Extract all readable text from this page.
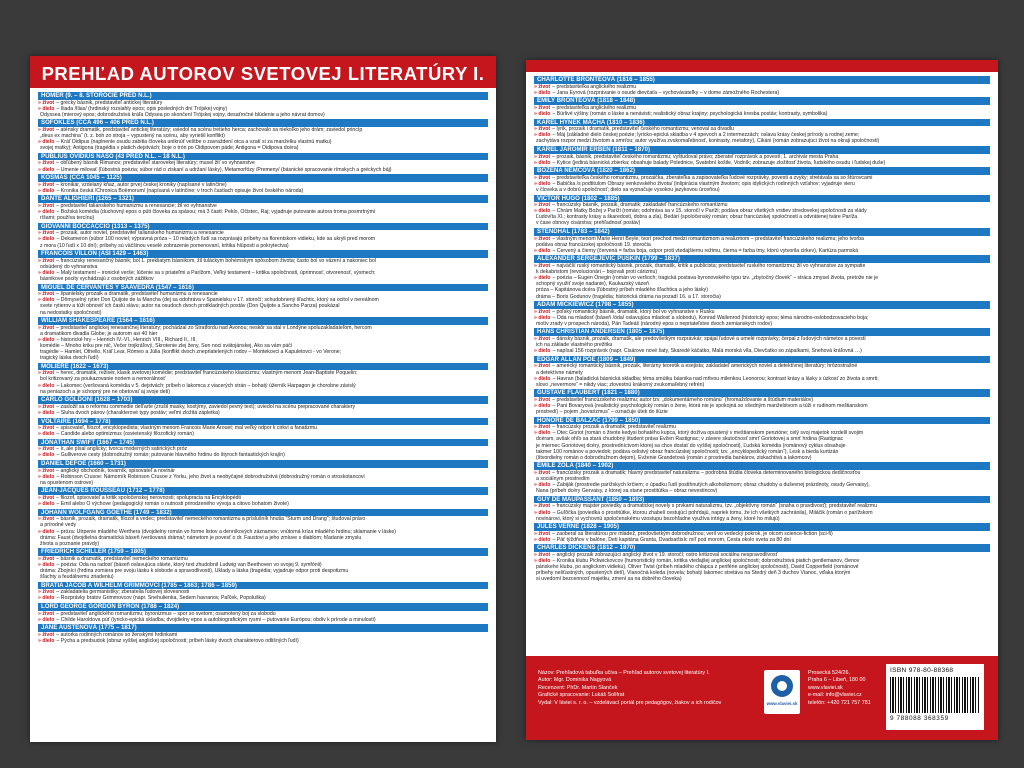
PREHĽAD AUTOROV SVETOVEJ LITERATÚRY I.
HOMÉR (9. – 8. STOROČIE PRED N.L.)
» život – grécky básnik, predstaviteľ antickej literatúry
» dielo – Iliada /Ilias/ (hrdinský rozsiahly epos; opis posledných dní Trójskej vojny)
Odyssea (mierový epos; dobrodružstvá kráľa Odysea po skončení Trójskej vojny, desaťročné blúdenie a jeho návrat domov)
SOFOKLES (CCA 496 – 406 PRED N.L.)
» život – aténsky dramatik, predstaviteľ antickej literatúry; uviedol na scénu tretieho herca; zachovalo sa niekoľko jeho drám; zaviedol princíp
„deus ex machina“ (t. z. boh zo stroja – vypustený na scénu, aby vyriešil konflikt)
» dielo – Kráľ Oidipus (naplnenie osudu zabitia človeka uniknúť veštbe o zavraždení otca a vzatí si za manželku vlastnú matku)
svojej matky); Antigona (tragédia v piatich dejstvách; boje o trón po Oidipovom páde; Antigona = Oidipova dcéra)
PUBLIUS OVIDIUS NASO (43 PRED N.L. – 18 N.L.)
» život – obľúbený básnik Rimanov; predstaviteľ starovekej literatúry; musel žiť vo vyhnanstve
» dielo – Umenie milovať (ľúbostná poézia; súbor rád o ziskaní a udržaní lásky), Metamorfózy /Premeny/ (básnické spracovanie rímskych a gréckych báj)
KOSMAS (CCA 1045 – 1125)
» život – kronikár, vzdelaný kňaz, autor prvej českej kroniky (napísané v latinčine)
» dielo – Kronika česká /Chronica Boëmorum/ (napísaná v latinčine; v troch častiach opisuje život českého národa)
DANTE ALIGHIERI (1265 – 1321)
» život – predstaviteľ talianskeho humanizmu a renesancie; žil vo vyhnanstve
» dielo – Božská komédia (duchovný epos o púti človeka za spásou; má 3 časti: Peklo, Očistec, Raj; vyjadruje putovanie autora troma posmrtnými
ríšami; používa tercínu)
GIOVANNI BOCCACCIO (1313 – 1375)
» život – prozaik, autor noviel, predstaviteľ talianskeho humanizmu a renesancie
» dielo – Dekameron (súbor 100 noviel; výpravná próza – 10 mladých ľudí sa rozprávajú príbehy na florentskom vidieku, kde sa ukryli pred morom
z mora (10 ľudí x 10 dní); príbehy sú väčšinou veselé zobrazenie pomenovaní, kritika hlúposti a pokrytectva)
FRANCOIS VILLON (ASI 1429 – 1463)
» život – francúzsky renesančný básnik; bol 1. prekliatym básnikom, žil tuláckym bohémskym spôsobom života; často bol vo väzení a nakoniec bol
odsúdený do vyhnanstva
» dielo – Malý testament – ironické verše; lúčenie sa s priateľmi a Parížom, Veľký testament – kritika spoločnosti, úprimnosť, otvorenosť, výsmech;
básnikove pocity vychádzajú z osobných zážitkov
MIGUEL DE CERVANTES Y SAAVEDRA (1547 – 1616)
» život – španielsky prozaik a dramatik, predstaviteľ humanizmu a renesancie
» dielo – Dômyselný rytier Don Quijote de la Mancha (dej sa odohráva v Španielsku v 17. storočí; schudobnený šľachtic, ktorý sa ocitol v nereálnom
svete rytierov a túži obnoviť ich časlú slávu; autor na osudoch dvoch protikladných postáv (Don Quijote a Sancho Panza) poukázal
na nedostatky spoločnosti)
WILLIAM SHAKESPEARE (1564 – 1616)
» život – predstaviteľ anglickej renesančnej literatúry; pochádzal zo Stratfordu nad Avonou; neskôr sa stal v Londýne spoluzakladateľom, hercom
a dramatikom divadla Globe; je autorom asi 40 hier
» dielo – historické hry – Henrich IV.-VI., Henrich VIII., Richard II., III.
komédie – Mnoho kriku pre nič, Večer trojkráľový, Skrotenie zlej ženy, Sen noci svätojánskej, Ako sa vám páči
tragédie – Hamlet, Othello, Kráľ Lear, Rómeo a Júlia (konflikt dvoch znepriatelených rodov – Montekovci a Kapuletovci - vo Verone;
tragický láska dvoch ľudí)
MOLIÉRE (1622 – 1673)
» život – herec, dramatik, režisér, klasik svetovej komédie; predstaviteľ francúzskeho klasicizmu; vlastným menom Jean-Baptiste Poquelin;
bol kritizovaný za poukazovanie noriem a nemorálnosť
» dielo – Lakomec (veršovaná komédia v 5. dejstvách; príbeh o lakomca z viacerých strán – bohatý úžerník Harpagon je chorobne závislý
na peniazoch a je schopný pre ne obetovať aj svoje deti)
CARLO GOLDONI (1628 – 1703)
» život – zasložil sa o reformu commedie dell'arte (zrušil masky, kostýmy, zaviedol pevný text); uviedol na scénu prepracované charaktery
» dielo – Sluha dvoch pánov (charakterové typy postáv; veľmi zložitá zápletka)
VOLTAIRE (1694 – 1778)
» život – spisovateľ, filozof, encyklopedista; vlastným menom Francois Marie Arouet; mal veľký odpor k cirkvi a fanatizmu
» dielo – Candide alebo optimizmus (osvietenský filozofický román)
JONATHAN SWIFT (1667 – 1745)
» život – ír, ale písal anglicky; tvorca moderných satirických próz
» dielo – Gulliverove cesty (dobrodružný román; putovanie hlavného hrdinu do štyroch fantastických krajín)
DANIEL DEFOE (1660 – 1731)
» život – anglický obchodník, tovarník, spisovateľ a novinár
» dielo – Robinson Crusoe: Námorník Robinson Crusoe z Yorku, jeho život a neobyčajné dobrodružstvá (dobrodružný román o stroskotancovi
na opustenom ostrove)
JEAN-JACQUES ROUSSEAU (1712 – 1778)
» život – filozof, spisovateľ a kritik spoločenskej nerovnosti; spolupracia na Encyklopédii
» dielo – Emil alebo O výchove (pedagogický román o nutnosti prirodzeného vývoja a citovo bohatom živote)
JOHANN WOLFGANG GOETHE (1749 – 1832)
» život – básnik, prozaik, dramatik, filozof a vedec; predstaviteľ nemeckého romantizmu a príslušník hnutia "Sturm und Drang"; študoval právo
a prírodné vedy
» dielo – próza: Utrpenie mladého Werthera (dvojdielny román vo forme listov a denníkových záznamov; vnútorná kríza mladého hrdinu; sklamanie v láske)
dráma: Faust (dvojdielna dramatická báseň /veršovaná dráma/; námetom je povesť o dr. Faustovi a jeho zmluve s diablom; hľadanie zmyslu
života a poznanie pravdy)
FRIEDRICH SCHILLER (1759 – 1805)
» život – básnik a dramatik, predstaviteľ nemeckého romantizmu
» dielo – poézia: Óda na radosť (báseň oslavujúca slávte, ktorý text zhudobnil Ludwig van Beethoven vo svojej 9. symfónii)
dráma: Zbojníci (hrdina zomiera pre svoju lásku k slobode a spravodlivosti), Úklady a láska (tragédia; vyjadruje odpor proti despotizmu
šľachty a feudálnemu zriadeniu)
BRATIA JACOB A WILHELM GRIMMOVCI (1785 – 1863; 1786 – 1859)
» život – zakladatelia germanistiky; zberatelia ľudovej slovesnosti
» dielo – Rozprávky bratov Grimmovcov (napr. Snehulienka, Šedem havranov, Paľček, Popoluška)
LORD GEORGE GORDON BYRON (1788 – 1824)
» život – predstaviteľ anglického romantizmu; byronizmus – spor so svetom; osamotený boj za slobodu
» dielo – Childe Haroldova púť (lyricko-epická skladba; dvojdielny epos a autobiografickým rysmi – putovanie Európou; obdiv k prírode a minulosti)
JANE AUSTENOVÁ (1775 – 1817)
» život – autorka rodinných románov so ženskými hrdinkami
» dielo – Pýcha a predsudok (obraz vyššej anglickej spoločnosti; príbeh lásky dvoch charakterovo odlišných ľudí)
CHARLOTTE BRONTËOVÁ (1816 – 1855)
» život – predstaviteľka anglického realizmu
» dielo – Jana Eyrová (rozprávanie o osude dievčaťa – vychovávateľky – v dome zámožného Rochestera)
EMILY BRONTËOVÁ (1818 – 1848)
» život – predstaviteľka anglického realizmu
» dielo – Búrlivé výšiny (román o láske a nenávisti; realistický obraz krajiny; psychologická kresba postáv; kontrasty, symbolika)
KAREL HYNEK MÁCHA (1810 – 1836)
» život – lyrik, prozaik i dramatik, predstaviteľ českého romantizmu; venoval sa divadlu
» dielo – Máj (základné dielo českej poézie; lyricko-epická skladba v 4 spevoch a 2 intermezzách; oslava krásy českej prírody a rodnej zeme;
zachytáva rozpor medzi životom a smrťou; autor využíva zvukomaľebnosť, kontrasty, metafory), Cikáni (román zobrazujúci život na okraji spoločnosti)
KAREL JAROMÍR ERBEN (1811 – 1870)
» život – prozaik, básnik, predstaviteľ českého romantizmu; vyštudoval právo; zberateľ rozprávok a povestí; 1. archivár mesta Praha
» dielo – Kytice (jediná básnická zbierka; obsahuje balady Polednice, Svatební košile, Vodník; zobrazuje zložitosť života, ľudského osudu i ľudskej duše)
BOŽENA NĚMCOVÁ (1820 – 1862)
» život – predstaviteľka českého romantizmu, prozaička, zberateľka a zapisovateľka ľudové rozprávky, povesti a zvyky; stretávala sa so štúrovcami
» dielo – Babička /s podtitulom Obrazy venkovského života/ (inšpirácia vlastným životom; opis idylických rodinných vzťahov; vyjadruje vieru
v človeka a v dobrú spoločnosť; dielo sa vyznačuje vysokou jazykovou úrovňou)
VICTOR HUGO (1802 – 1885)
» život – francúzsky básnik, prozaik, dramatik; zakladateľ francúzskeho romantizmu
» dielo – Chrám Matky Božej v Paríži (román; odohráva sa v 15. storočí v Paríži; podáva obraz všetkých vrstiev stredovekej spoločnosti za vlády
Ľudovíta XI.; kontrasty krásy a škaredosti, dobra a zla), Bedári (spoločenský román; obraz francúzskej spoločnosti a odvrátenej tváre Paríža
v čase obnovy cisárstva; prehľadnosť postáv)
STENDHAL (1783 – 1842)
» život – vlastným menom Marie Henri Beyle; tvorí prechod medzi romantizmom a realizmom – predstaviteľ francúzskeho realizmu; jeho tvorba
podáva obraz francúzskej spoločnosti 19. storočia
» dielo – Červený a čierny (červená = farba boja, odpor proti vtedajšiemu režimu, čierna = farba tmy, ktorú vytvorila cirkev), Kartúza parmská
ALEXANDER SERGEJEVIČ PUŠKIN (1799 – 1837)
» život – najväčší ruský romantický básnik, prozaik, dramatik, kritik a publicista; predstaviteľ ruského romantizmu; žil vo vyhnanstve za sympatie
k dekabristom (revolucionári – bojovali proti cárizmu)
» dielo – poézia – Eugen Onegin (román vo veršoch; tragická postava byronovského typu tzv. „zbytočný človek“ – stráca zmysel života, pretože nie je
schopný využiť svoje nadanie), Kaukazský väzeň
próza – Kapitánova dcéra (ľúbostný príbeh mladého šľachtica a jeho lásky)
dráma – Boris Godunov (tragédia; historická dráma na pozadí 16. a 17. storočia)
ADAM MICKIEWICZ (1798 – 1855)
» život – poľský romantický básnik, dramatik, ktorý bol vo vyhnanstve v Rusku
» dielo – Óda na mladosť (báseň /óda/ oslavujúca mladosť a slobodu), Konrad Wallenrod (historický epos; téma národno-oslobodzovacieho boja;
motív zrady v prospech národa), Pán Tadeáš (národný epos o nepriateľstve dvoch zemianskych rodov)
HANS CHRISTIAN ANDERSEN (1805 – 1875)
» život – dánsky básnik, prozaik, dramatik, ale predovšetkým rozprávkár; spájal ľudové a umelé rozprávky; čerpal z ľudových námetov a povestí
ich na základe vlastného prežitku
» dielo – napísal 156 rozprávok (napr. Cisárove nové šaty, Škaredé káčatko, Malá morská víla, Dievčatko so zápalkami, Snehová kráľovná …)
EDGAR ALLAN POE (1809 – 1849)
» život – americký romantický básnik, prozaik, literárny teoretik a esejista; zakladateľ amerických noviel a detektívnej literatúry; hrôzostrašné
a detektívne námety
» dielo – Havran (baladická básnická skladba; téma smútku básnika nad mŕtvou milenkou Leonorou; kontrast krásy a lásky s úzkosť zo života a smrti;
slovo „nevermore“ = nikdy viac; zlovestnú krákorný zvukomaľebný refrén)
GUSTAVE FLAUBERT (1821 – 1880)
» život – predstaviteľ francúzskeho realizmu; autor tzv. „dokumentárneho románu“ (hromaždovanie a štúdium materiálov)
» dielo – Pani Bovaryová (realistický psychologický román o žene, ktorá nie je spokojná so všedným manželstvom a túži v rudinom meštianskom
prostredí) – pojem „bovarizmus“ – označuje útek do ilúzie
HONORÉ DE BALZAC (1799 – 1850)
» život – francúzsky prozaik a dramatik; predstaviteľ realizmu
» dielo – Otec Goriot (román o živote kedysi bohatého kupca, ktorý dožíva opustený v meštianskom penzióne; celý svoj majetok rozdelil svojim
dcéram, avšak ohľo sa stará chudobný študent práva Evžen Rastignac; v závere skutočnosť smrť Goriotovej a smrť hrdina (Rastignac
je miernec Goriotovej dcéry, prostredníctvom ktorej sa chce dostať do vyššej spoločnosti), Ľudská komédia (románový cyklus obsahuje
takmer 100 románov a poviedok; podáva celistvý obraz francúzskej spoločnosti; tzv. „encyklopedický román“), Lesk a bieda kurtizán
(štvordielny román o dobrodružnom dejom), Evženie Grandetová (román z prostredia bankárov, ziskachtivá a lakomcov)
ÉMILE ZOLA (1840 – 1902)
» život – francúzsky prozaik a dramatik; hlavný predstaviteľ naturalizmu – podrobná štúdia človeka determinovaného biologickou dedičnosťou
a sociálnym prostredím
» dielo – Zabiják (prostredie parížskych krčiem; o úpadku ľudí postihnutých alkoholizmom; obraz chudoby a duševnej prázdnoty, osudy Gervaisy),
Nana (príbeh dcéry Gervaisy, z ktorej sa stane prostitútka – obraz nevestincov)
GUY DE MAUPASSANT (1850 – 1893)
» život – francúzsky majster poviedky a dramatickej novely s prvkami naturalizmu, tzv. „objektívny román“ (snaha o pravdivosť); predstaviteľ realizmu
» dielo – Guľôčka (poviedka o prostitútke, ktorou zhabelí cestujúci pohŕdajú, napriek tomu, že ich všetkých zachránila), Miláčik (román o parížskom
novinárovi, ktorý si vychovnú spoločenskému vzostupu bezohľadne využíva intrigy a ženy, ktoré ho milujú)
JULES VERNE (1828 – 1905)
» život – zaoberal sa literatúrou pre mládež, predovšetkým dobrodružnou; veril vo vedecký pokrok, je otcom science-fiction (sci-fi)
» dielo – Päť týždňov v balóne, Deti kapitána Granta, Dvadsaťtisíc míľ pod morom, Cesta okolo sveta za 80 dní
CHARLES DICKENS (1812 – 1870)
» život – anglický prozaik zobrazujúci anglický život v 19. storočí; ostro kritizoval sociálnu nespravodlivosť
» dielo – Kronika klubu Pickwickovcov (humoristický román, kritika vtedajšej anglickej spoločnosti; dobrodružstvá piatich gentlemanov, členov
pánskeho klubu, po anglickom vidieku), Oliver Twist (príbeh mladého chlapca z periférie anglickej spoločnosti), David Copperfield (románové
príbehy nešťastných, opustených detí), Vianočná koleda (novela; bohatý lakomec stretáva na Štedrý deň 3 duchov Vianoc, vďaka ktorým
si uvedomí bezcennosť majetku, zmení sa na dobrého človeka)
Názov: Prehľadová tabuľka učiva – Prehľad autorov svetovej literatúry I.
Autor: Mgr. Dominika Nagyová
Recenzent: PhDr. Martin Slanček
Grafické spracovanie: Lukáš Sollfrat
Vydal: V láviei s. r. o. – vzdelávací portál pre pedagógov, žiakov a ich rodičov	www.vlaviei.sk
Prosecká 524/26,
Praha 6 – Libeň, 180 00
www.vlaviei.sk
e-mail: info@vlaviei.cz
telefón: +420 721 757 781
ISBN 978-80-88368
9 788088 368359
